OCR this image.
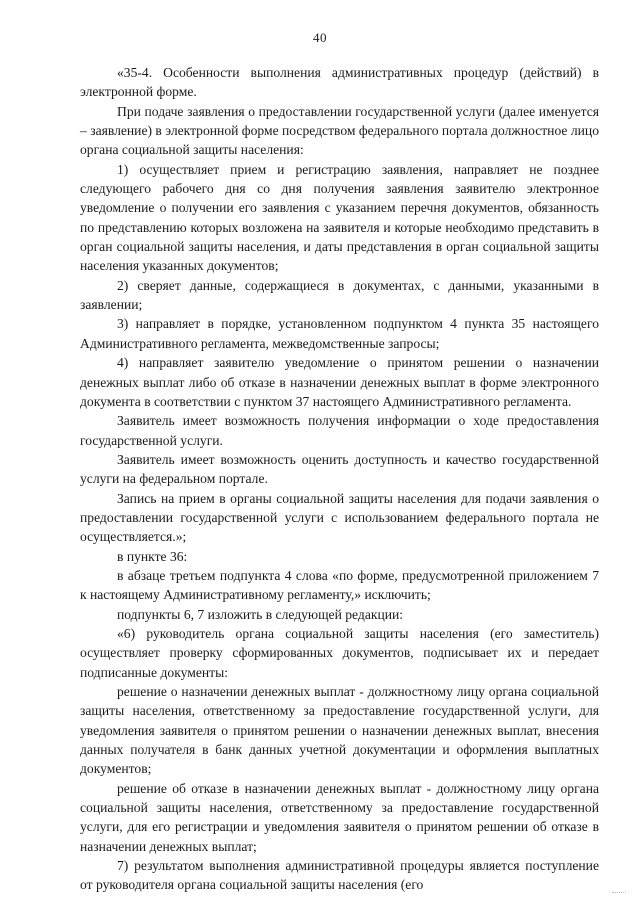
40

«35-4. Особенности выполнения административных процедур (действий) в электронной форме.

При подаче заявления о предоставлении государственной услуги (далее именуется – заявление) в электронной форме посредством федерального портала должностное лицо органа социальной защиты населения:

1) осуществляет прием и регистрацию заявления, направляет не позднее следующего рабочего дня со дня получения заявления заявителю электронное уведомление о получении его заявления с указанием перечня документов, обязанность по представлению которых возложена на заявителя и которые необходимо представить в орган социальной защиты населения, и даты представления в орган социальной защиты населения указанных документов;

2) сверяет данные, содержащиеся в документах, с данными, указанными в заявлении;

3) направляет в порядке, установленном подпунктом 4 пункта 35 настоящего Административного регламента, межведомственные запросы;

4) направляет заявителю уведомление о принятом решении о назначении денежных выплат либо об отказе в назначении денежных выплат в форме электронного документа в соответствии с пунктом 37 настоящего Административного регламента.

Заявитель имеет возможность получения информации о ходе предоставления государственной услуги.

Заявитель имеет возможность оценить доступность и качество государственной услуги на федеральном портале.

Запись на прием в органы социальной защиты населения для подачи заявления о предоставлении государственной услуги с использованием федерального портала не осуществляется.»;

в пункте 36:

в абзаце третьем подпункта 4 слова «по форме, предусмотренной приложением 7 к настоящему Административному регламенту,» исключить;

подпункты 6, 7 изложить в следующей редакции:

«6) руководитель органа социальной защиты населения (его заместитель) осуществляет проверку сформированных документов, подписывает их и передает подписанные документы:

решение о назначении денежных выплат - должностному лицу органа социальной защиты населения, ответственному за предоставление государственной услуги, для уведомления заявителя о принятом решении о назначении денежных выплат, внесения данных получателя в банк данных учетной документации и оформления выплатных документов;

решение об отказе в назначении денежных выплат - должностному лицу органа социальной защиты населения, ответственному за предоставление государственной услуги, для его регистрации и уведомления заявителя о принятом решении об отказе в назначении денежных выплат;

7) результатом выполнения административной процедуры является поступление от руководителя органа социальной защиты населения (его
